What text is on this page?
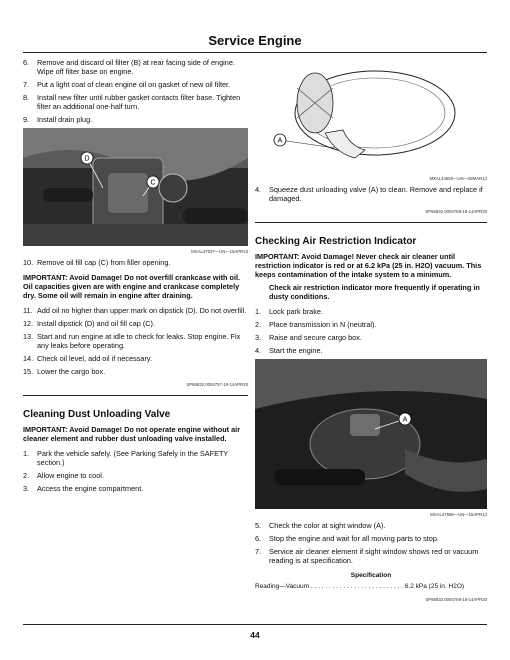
Service Engine
6. Remove and discard oil filter (B) at rear facing side of engine. Wipe off filter base on engine.
7. Put a light coat of clean engine oil on gasket of new oil filter.
8. Install new filter until rubber gasket contacts filter base. Tighten filter an additional one-half turn.
9. Install drain plug.
D
C
MXAL47537—UN—15APR13
10. Remove oil fill cap (C) from filler opening.
IMPORTANT: Avoid Damage! Do not overfill crankcase with oil. Oil capacities given are with engine and crankcase completely dry. Some oil will remain in engine after draining.
11. Add oil no higher than upper mark on dipstick (D). Do not overfill.
12. Install dipstick (D) and oil fill cap (C).
13. Start and run engine at idle to check for leaks. Stop engine. Fix any leaks before operating.
14. Check oil level, add oil if necessary.
15. Lower the cargo box.
SP66832,0004757-19-14APR20
Cleaning Dust Unloading Valve
IMPORTANT: Avoid Damage! Do not operate engine without air cleaner element and rubber dust unloading valve installed.
1. Park the vehicle safely. (See Parking Safely in the SAFETY section.)
2. Allow engine to cool.
3. Access the engine compartment.
A
MXAL44550—UN—28MAR13
4. Squeeze dust unloading valve (A) to clean. Remove and replace if damaged.
SP66832,0004758-19-14APR20
Checking Air Restriction Indicator
IMPORTANT: Avoid Damage! Never check air cleaner until restriction indicator is red or at 6.2 kPa (25 in. H2O) vacuum. This keeps contamination of the intake system to a minimum.
Check air restriction indicator more frequently if operating in dusty conditions.
1. Lock park brake.
2. Place transmission in N (neutral).
3. Raise and secure cargo box.
4. Start the engine.
A
MXAL47598—UN—15APR13
5. Check the color at sight window (A).
6. Stop the engine and wait for all moving parts to stop.
7. Service air cleaner element if sight window shows red or vacuum reading is at specification.
Specification
Reading—Vacuum . . . . . . . . . . . . . . . . . . . . . . . . . . 6.2 kPa (25 in. H2O)
SP66832,0004759-19-14APR20
44
